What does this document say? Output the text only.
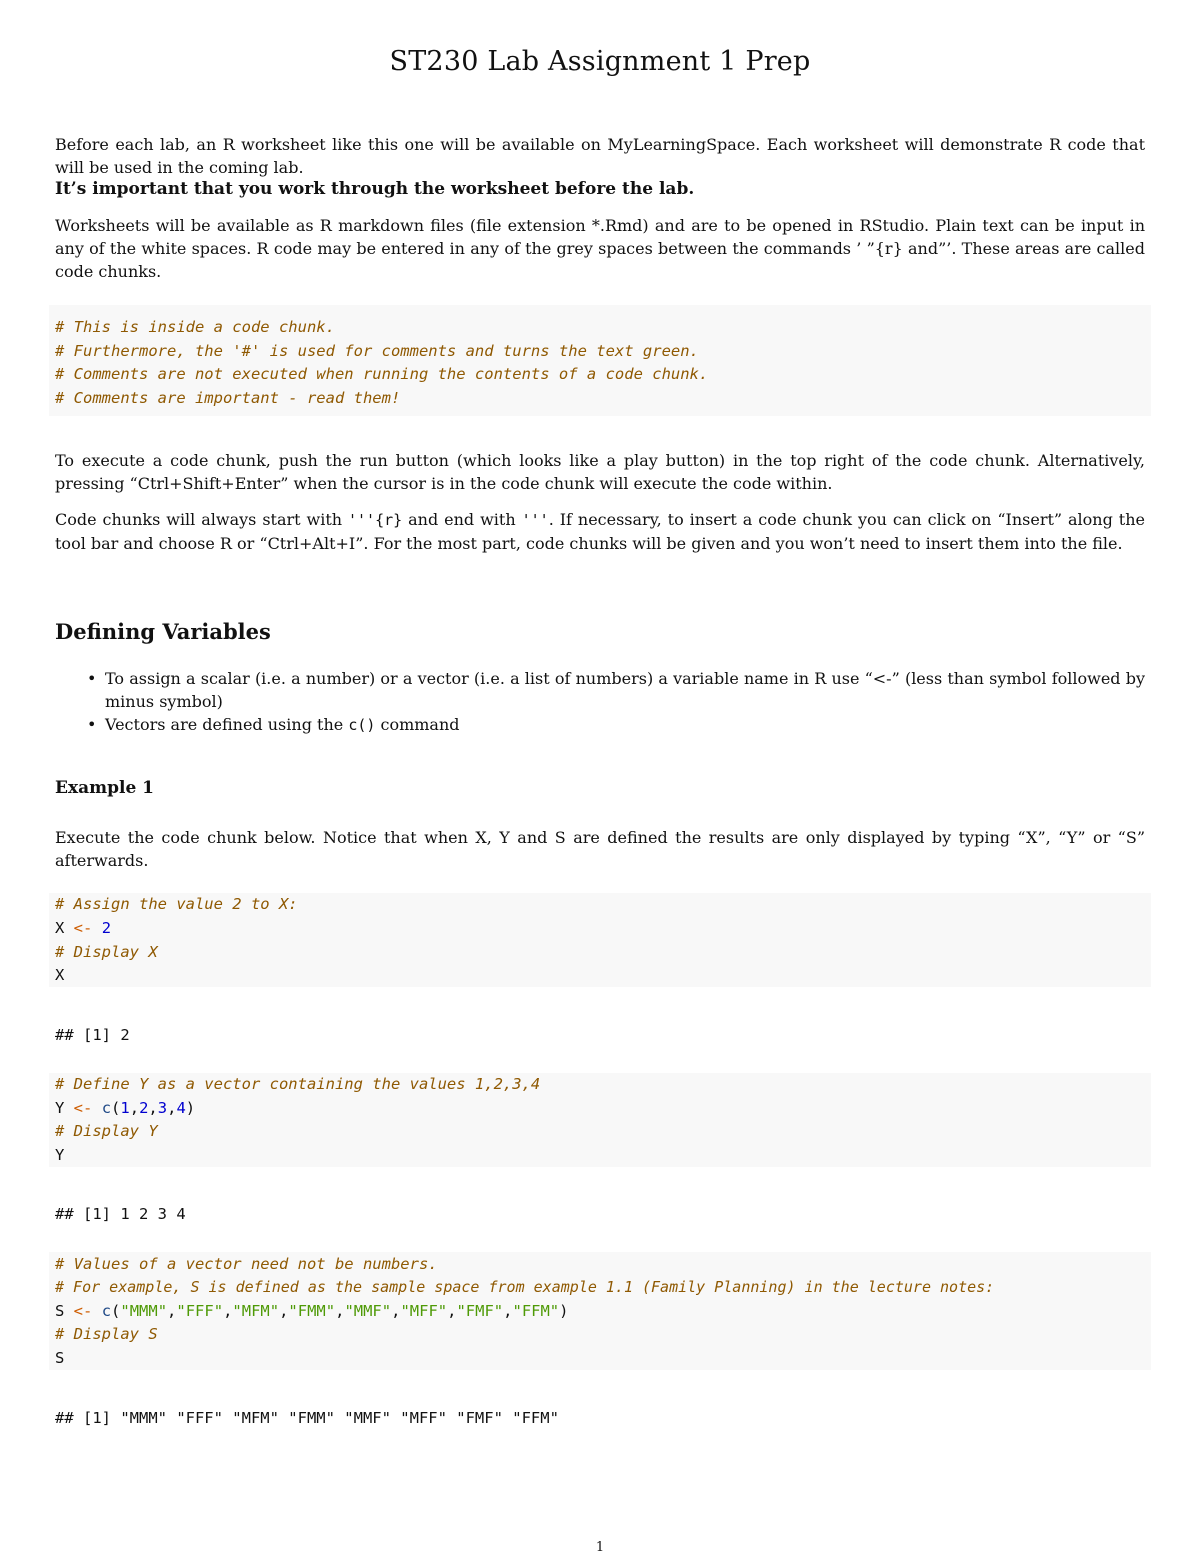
ST230 Lab Assignment 1 Prep
Before each lab, an R worksheet like this one will be available on MyLearningSpace. Each worksheet will demonstrate R code that will be used in the coming lab.
It’s important that you work through the worksheet before the lab.
Worksheets will be available as R markdown files (file extension *.Rmd) and are to be opened in RStudio. Plain text can be input in any of the white spaces. R code may be entered in any of the grey spaces between the commands ’ ”{r} and”’. These areas are called code chunks.
# This is inside a code chunk.
# Furthermore, the '#' is used for comments and turns the text green.
# Comments are not executed when running the contents of a code chunk.
# Comments are important - read them!
To execute a code chunk, push the run button (which looks like a play button) in the top right of the code chunk. Alternatively, pressing “Ctrl+Shift+Enter” when the cursor is in the code chunk will execute the code within.
Code chunks will always start with '''{r} and end with '''. If necessary, to insert a code chunk you can click on “Insert” along the tool bar and choose R or “Ctrl+Alt+I”. For the most part, code chunks will be given and you won’t need to insert them into the file.
Defining Variables
• To assign a scalar (i.e. a number) or a vector (i.e. a list of numbers) a variable name in R use “<-” (less than symbol followed by minus symbol)
• Vectors are defined using the c() command
Example 1
Execute the code chunk below. Notice that when X, Y and S are defined the results are only displayed by typing “X”, “Y” or “S” afterwards.
# Assign the value 2 to X:
X <- 2
# Display X
X
## [1] 2
# Define Y as a vector containing the values 1,2,3,4
Y <- c(1,2,3,4)
# Display Y
Y
## [1] 1 2 3 4
# Values of a vector need not be numbers.
# For example, S is defined as the sample space from example 1.1 (Family Planning) in the lecture notes:
S <- c("MMM","FFF","MFM","FMM","MMF","MFF","FMF","FFM")
# Display S
S
## [1] "MMM" "FFF" "MFM" "FMM" "MMF" "MFF" "FMF" "FFM"
1
